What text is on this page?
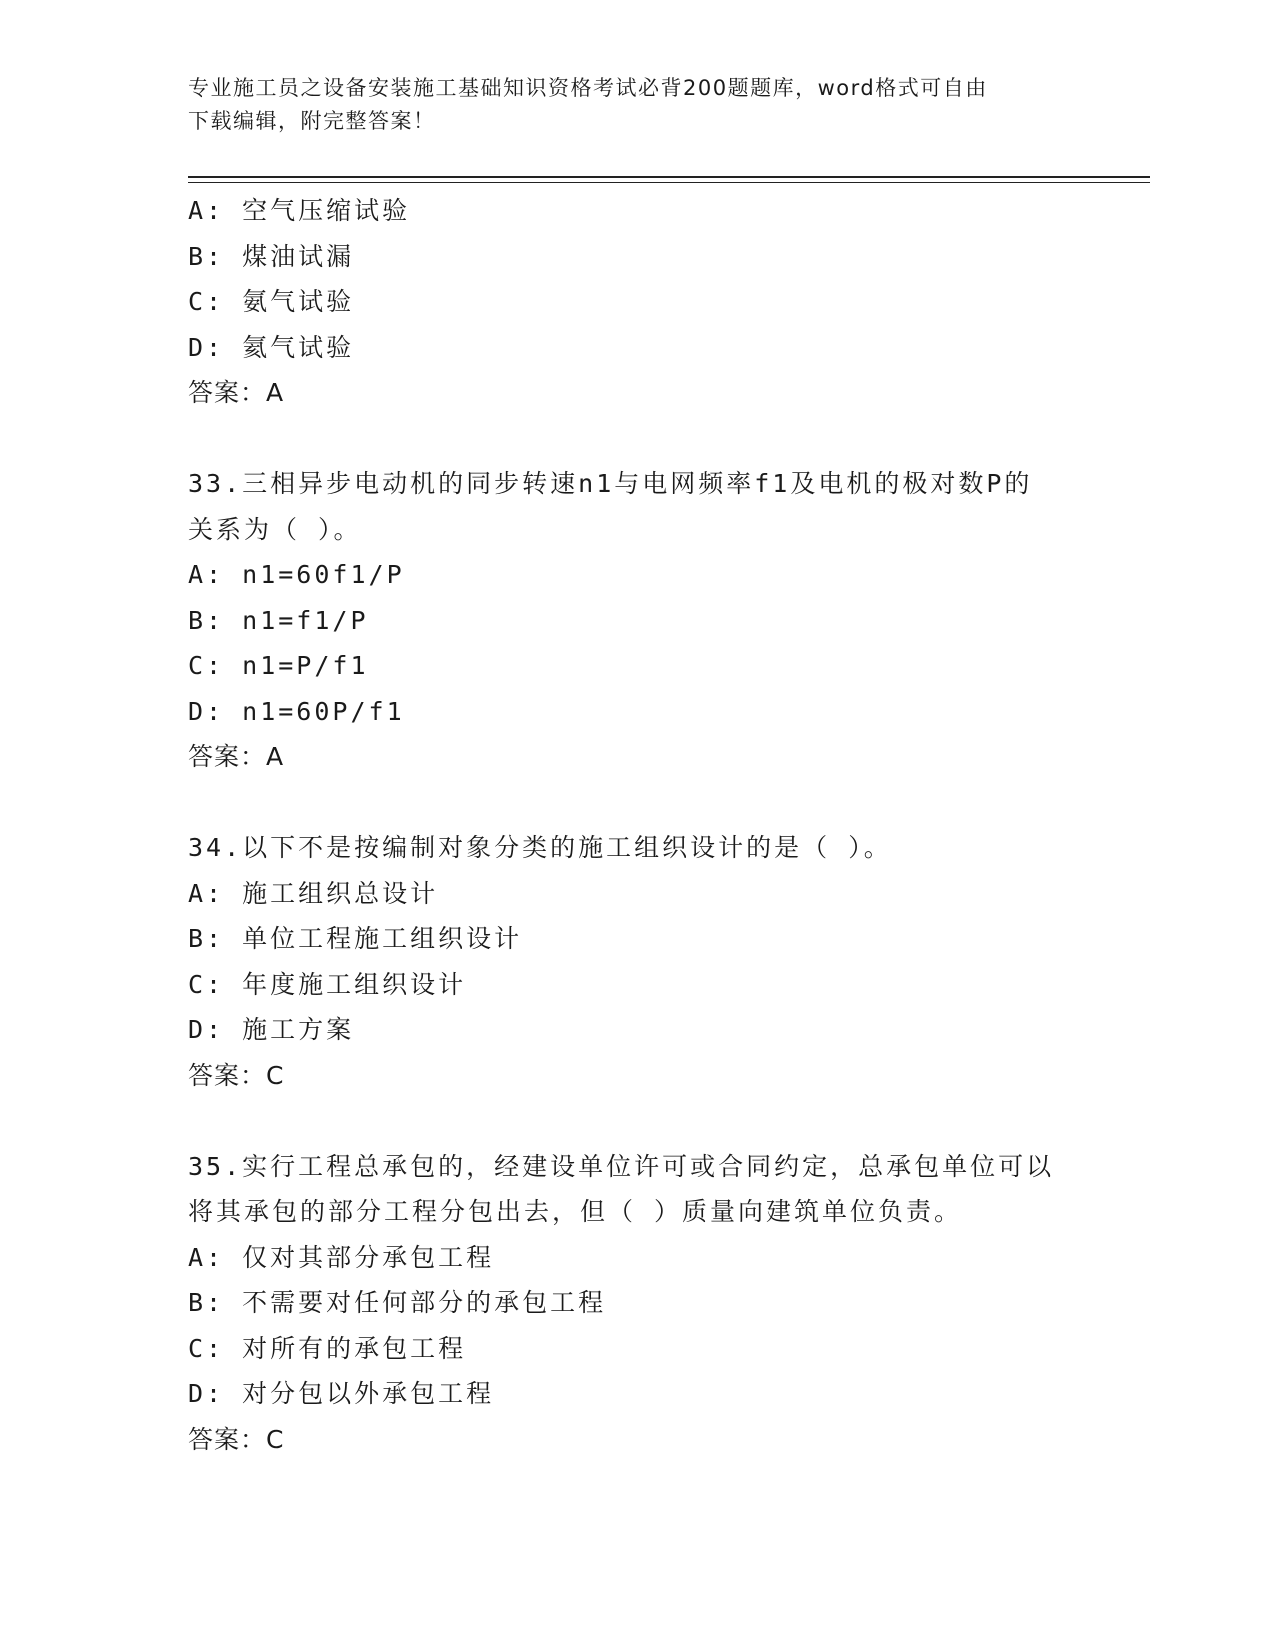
专业施工员之设备安装施工基础知识资格考试必背200题题库，word格式可自由
下载编辑，附完整答案！
A: 空气压缩试验
B: 煤油试漏
C: 氨气试验
D: 氦气试验
答案：A
33.三相异步电动机的同步转速n1与电网频率f1及电机的极对数P的
关系为（ ）。
A: n1=60f1/P
B: n1=f1/P
C: n1=P/f1
D: n1=60P/f1
答案：A
34.以下不是按编制对象分类的施工组织设计的是（ ）。
A: 施工组织总设计
B: 单位工程施工组织设计
C: 年度施工组织设计
D: 施工方案
答案：C
35.实行工程总承包的，经建设单位许可或合同约定，总承包单位可以
将其承包的部分工程分包出去，但（ ）质量向建筑单位负责。
A: 仅对其部分承包工程
B: 不需要对任何部分的承包工程
C: 对所有的承包工程
D: 对分包以外承包工程
答案：C
